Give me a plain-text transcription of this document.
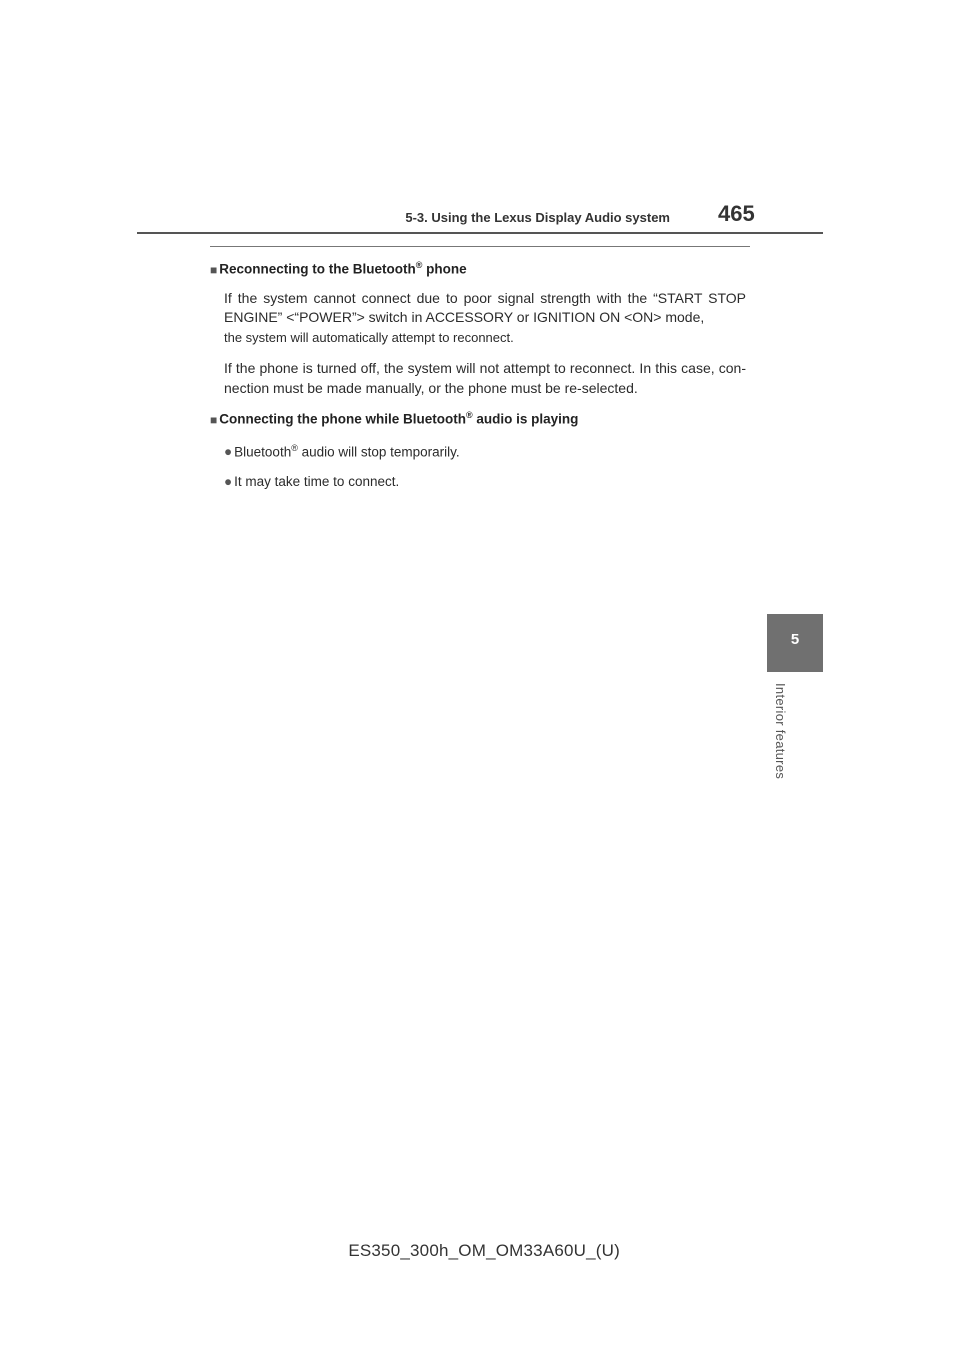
5-3. Using the Lexus Display Audio system 465
5
Interior features
■ Reconnecting to the Bluetooth® phone

If the system cannot connect due to poor signal strength with the “START STOP ENGINE” <“POWER”> switch in ACCESSORY or IGNITION ON <ON> mode,
the system will automatically attempt to reconnect.

If the phone is turned off, the system will not attempt to reconnect. In this case, con-nection must be made manually, or the phone must be re-selected.

■ Connecting the phone while Bluetooth® audio is playing
● Bluetooth® audio will stop temporarily.
● It may take time to connect.
ES350_300h_OM_OM33A60U_(U)
